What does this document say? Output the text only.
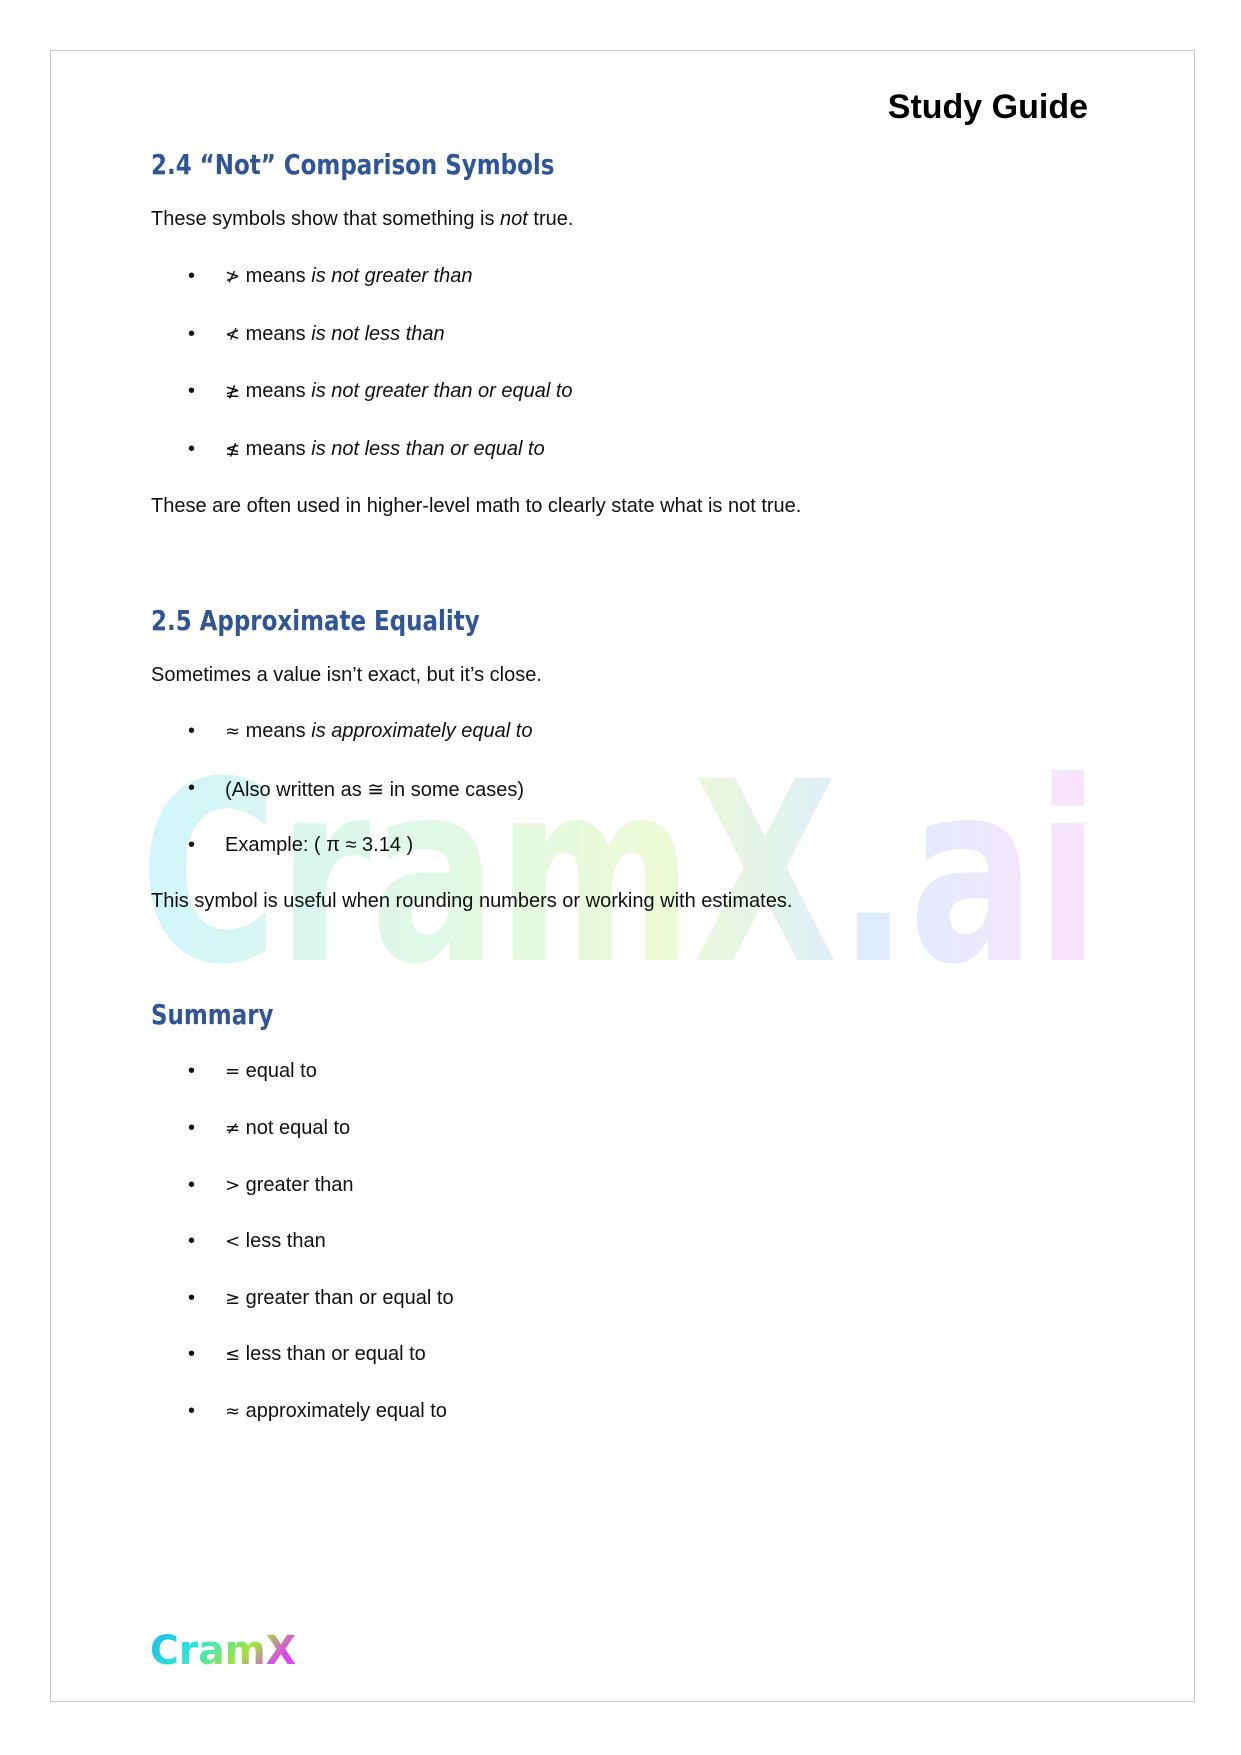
CramX.ai
Study Guide
2.4 “Not” Comparison Symbols
These symbols show that something is not true.
• ≯ means is not greater than
• ≮ means is not less than
• ≱ means is not greater than or equal to
• ≰ means is not less than or equal to
These are often used in higher-level math to clearly state what is not true.
2.5 Approximate Equality
Sometimes a value isn’t exact, but it’s close.
• ≈ means is approximately equal to
• (Also written as ≅ in some cases)
• Example: ( π ≈ 3.14 )
This symbol is useful when rounding numbers or working with estimates.
Summary
• = equal to
• ≠ not equal to
• > greater than
• < less than
• ≥ greater than or equal to
• ≤ less than or equal to
• ≈ approximately equal to
CramX
